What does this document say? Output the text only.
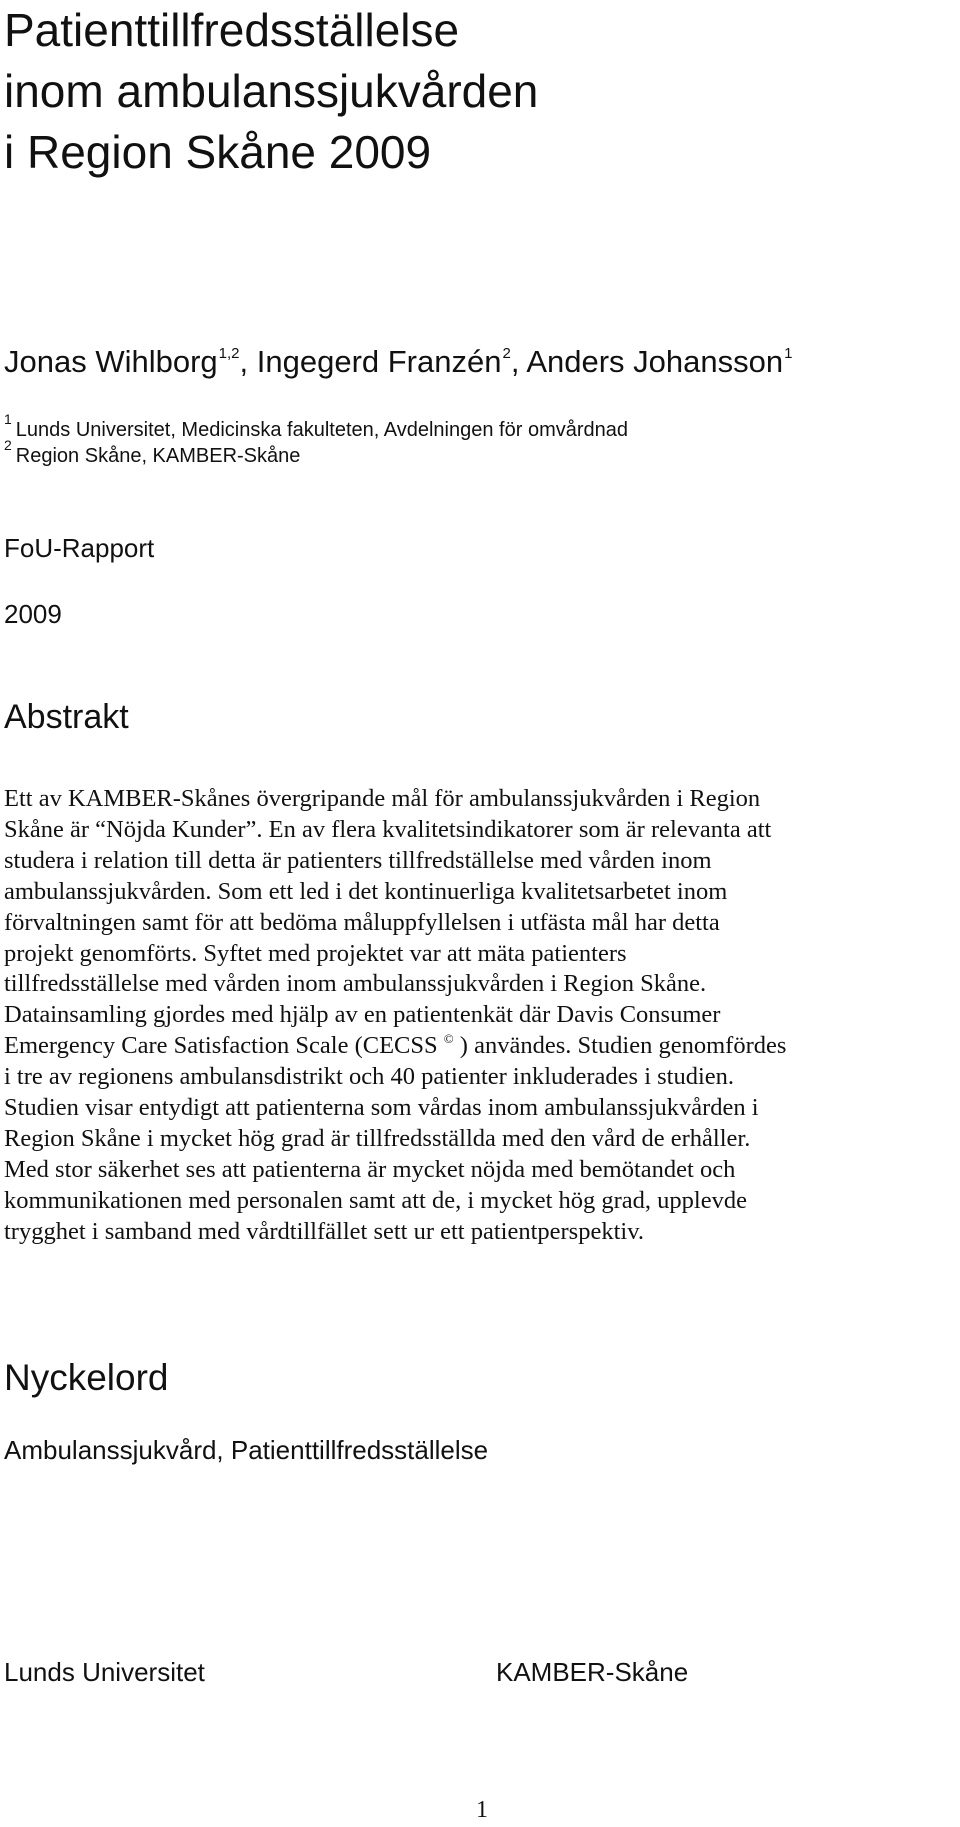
Patienttillfredsställelse
inom ambulanssjukvården
i Region Skåne 2009
Jonas Wihlborg$^{1,2}$, Ingegerd Franzén$^2$, Anders Johansson$^1$
$^1$ Lunds Universitet, Medicinska fakulteten, Avdelningen för omvårdnad
$^2$ Region Skåne, KAMBER-Skåne
FoU-Rapport
2009
Abstrakt

Ett av KAMBER-Skånes övergripande mål för ambulanssjukvården i Region
Skåne är “Nöjda Kunder”. En av flera kvalitetsindikatorer som är relevanta att
studera i relation till detta är patienters tillfredställelse med vården inom
ambulanssjukvården. Som ett led i det kontinuerliga kvalitetsarbetet inom
förvaltningen samt för att bedöma måluppfyllelsen i utfästa mål har detta
projekt genomförts. Syftet med projektet var att mäta patienters
tillfredsställelse med vården inom ambulanssjukvården i Region Skåne.
Datainsamling gjordes med hjälp av en patientenkät där Davis Consumer
Emergency Care Satisfaction Scale (CECSS © ) användes. Studien genomfördes
i tre av regionens ambulansdistrikt och 40 patienter inkluderades i studien.
Studien visar entydigt att patienterna som vårdas inom ambulanssjukvården i
Region Skåne i mycket hög grad är tillfredsställda med den vård de erhåller.
Med stor säkerhet ses att patienterna är mycket nöjda med bemötandet och
kommunikationen med personalen samt att de, i mycket hög grad, upplevde
trygghet i samband med vårdtillfället sett ur ett patientperspektiv.

Nyckelord
Ambulanssjukvård, Patienttillfredsställelse
Lunds Universitet	KAMBER-Skåne
1
